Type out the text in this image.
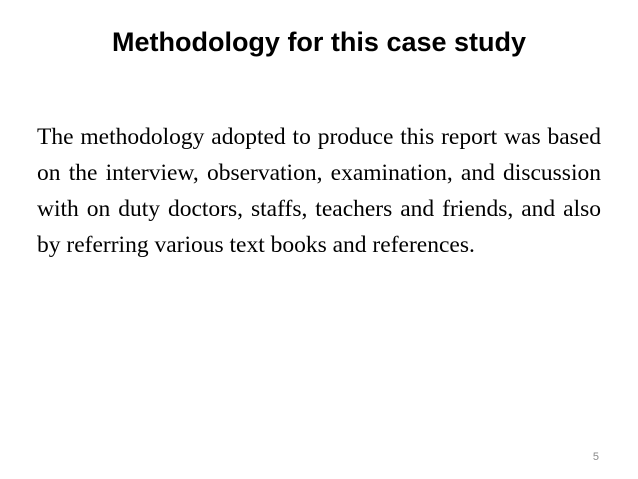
Methodology for this case study

The methodology adopted to produce this report was based on the interview, observation, examination, and discussion with on duty doctors, staffs, teachers and friends, and also by referring various text books and references.

5
